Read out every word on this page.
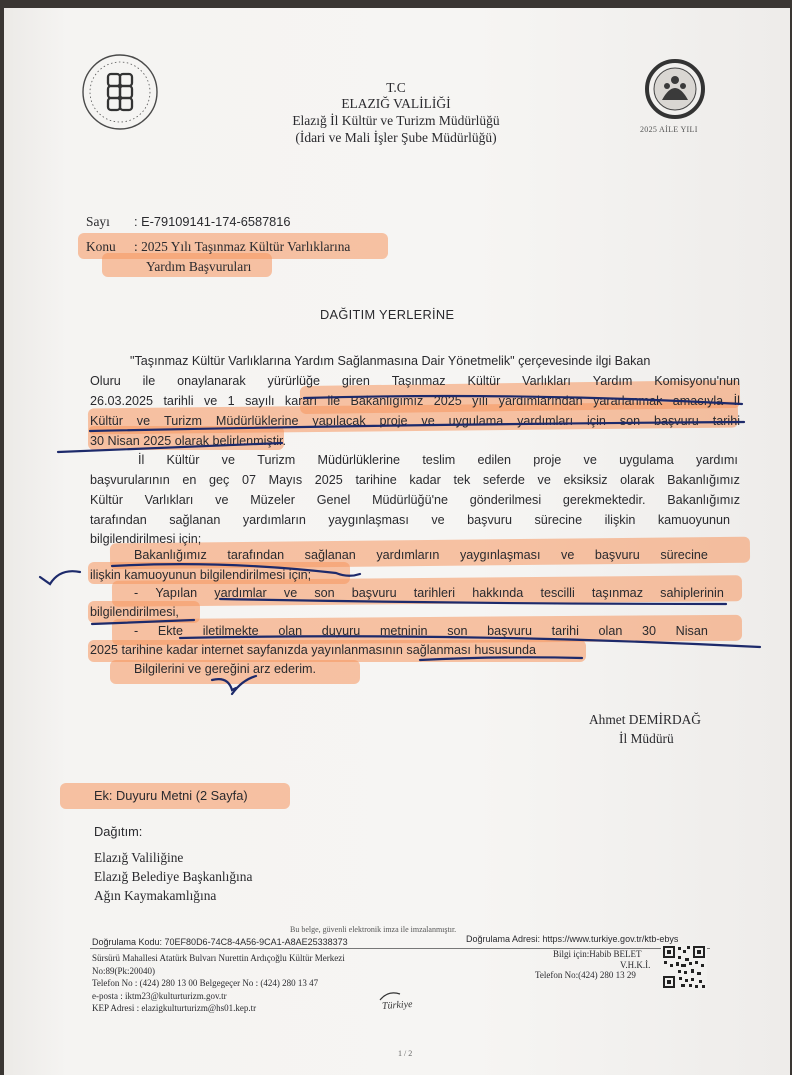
2025 AİLE YILI
T.C
ELAZIĞ VALİLİĞİ
Elazığ İl Kültür ve Turizm Müdürlüğü
(İdari ve Mali İşler Şube Müdürlüğü)
Sayı : E-79109141-174-6587816
Konu : 2025 Yılı Taşınmaz Kültür Varlıklarına
Yardım Başvuruları
DAĞITIM YERLERİNE
"Taşınmaz Kültür Varlıklarına Yardım Sağlanmasına Dair Yönetmelik" çerçevesinde ilgi Bakan
Oluru ile onaylanarak yürürlüğe giren Taşınmaz Kültür Varlıkları Yardım Komisyonu'nun
26.03.2025 tarihli ve 1 sayılı kararı ile Bakanlığımız 2025 yılı yardımlarından yararlanmak amacıyla İl
Kültür ve Turizm Müdürlüklerine yapılacak proje ve uygulama yardımları için son başvuru tarihi
30 Nisan 2025 olarak belirlenmiştir.
İl Kültür ve Turizm Müdürlüklerine teslim edilen proje ve uygulama yardımı
başvurularının en geç 07 Mayıs 2025 tarihine kadar tek seferde ve eksiksiz olarak Bakanlığımız
Kültür Varlıkları ve Müzeler Genel Müdürlüğü'ne gönderilmesi gerekmektedir. Bakanlığımız
tarafından sağlanan yardımların yaygınlaşması ve başvuru sürecine ilişkin kamuoyunun
bilgilendirilmesi için;
Bakanlığımız tarafından sağlanan yardımların yaygınlaşması ve başvuru sürecine
ilişkin kamuoyunun bilgilendirilmesi için;
- Yapılan yardımlar ve son başvuru tarihleri hakkında tescilli taşınmaz sahiplerinin
bilgilendirilmesi,
- Ekte iletilmekte olan duyuru metninin son başvuru tarihi olan 30 Nisan
2025 tarihine kadar internet sayfanızda yayınlanmasının sağlanması hususunda
Bilgilerini ve gereğini arz ederim.
Ahmet DEMİRDAĞ
İl Müdürü
Ek: Duyuru Metni (2 Sayfa)
Dağıtım:
Elazığ Valiliğine
Elazığ Belediye Başkanlığına
Ağın Kaymakamlığına
Bu belge, güvenli elektronik imza ile imzalanmıştır.
Doğrulama Kodu: 70EF80D6-74C8-4A56-9CA1-A8AE25338373	Doğrulama Adresi: https://www.turkiye.gov.tr/ktb-ebys
Sürsürü Mahallesi Atatürk Bulvarı Nurettin Ardıçoğlu Kültür Merkezi
No:89(Pk:20040)
Telefon No : (424) 280 13 00 Belgegeçer No : (424) 280 13 47
e-posta : iktm23@kulturturizm.gov.tr
KEP Adresi : elazigkulturturizm@hs01.kep.tr
Bilgi için:Habib BELET
V.H.K.İ.
Telefon No:(424) 280 13 29
Türkiye
1 / 2
